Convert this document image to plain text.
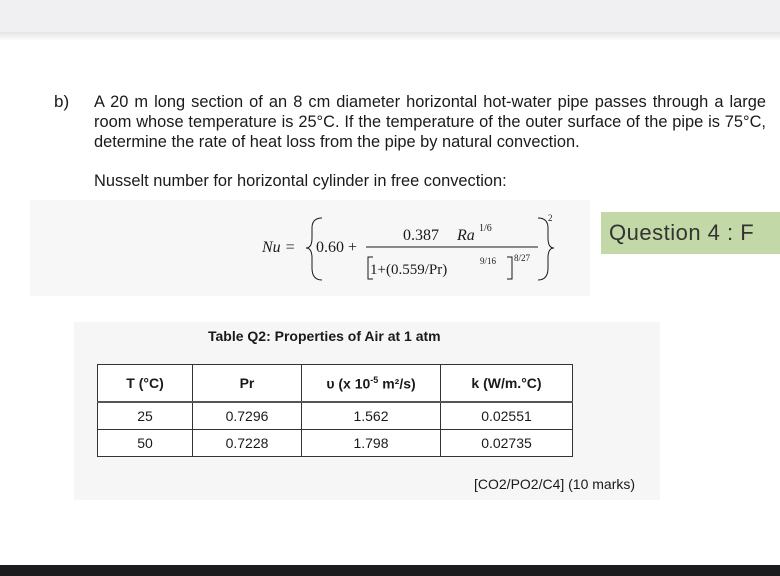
b) A 20 m long section of an 8 cm diameter horizontal hot-water pipe passes through a large room whose temperature is 25°C. If the temperature of the outer surface of the pipe is 75°C, determine the rate of heat loss from the pipe by natural convection.

Nusselt number for horizontal cylinder in free convection:

Nu = 0.60 +
0.387 Ra 1/6
1+(0.559/Pr)
9/16 8/27
2
Question 4 : F

Table Q2: Properties of Air at 1 atm

T (°C)	Pr	υ (x $10^{-5}$ m²/s)	k (W/m.°C)
25	0.7296	1.562	0.02551
50	0.7228	1.798	0.02735

[CO2/PO2/C4] (10 marks)
